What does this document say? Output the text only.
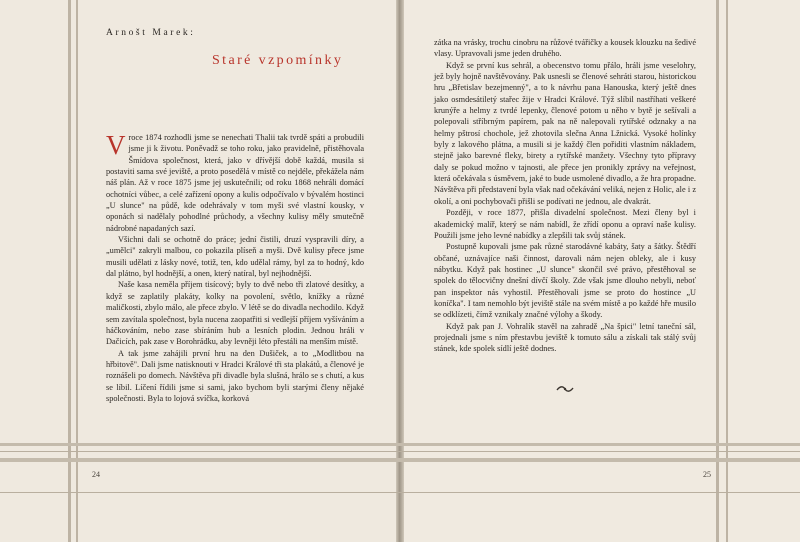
Arnošt Marek:
Staré vzpomínky

Vroce 1874 rozhodli jsme se nenechati Thalii tak tvrdě spáti a probudili jsme ji k životu. Poněvadž se toho roku, jako pravidelně, přistěhovala Šmídova společnost, která, jako v dřívější době každá, musila si postaviti sama své jeviště, a proto posedělá v místě co nejdéle, překážela nám náš plán. Až v roce 1875 jsme jej uskutečnili; od roku 1868 nehráli domácí ochotníci vůbec, a celé zařízení opony a kulis odpočívalo v bývalém hostinci „U slunce" na půdě, kde odehrávaly v tom myši své vlastní kousky, v oponách si nadělaly pohodlné průchody, a všechny kulisy měly smutečně nádrobné napadaných sazí.

Všichni dali se ochotně do práce; jední čistili, druzí vyspravili díry, a „umělci" zakryli malbou, co pokazila plíseň a myši. Dvě kulisy přece jsme musili udělati z lásky nové, totiž, ten, kdo udělal rámy, byl za to hodný, kdo dal plátno, byl hodnější, a onen, který natíral, byl nejhodnější.

Naše kasa neměla příjem tisícový; byly to dvě nebo tři zlatové desítky, a když se zaplatily plakáty, kolky na povolení, světlo, knížky a různé maličkosti, zbylo málo, ale přece zbylo. V létě se do divadla nechodilo. Když sem zavítala společnost, byla nucena zaopatřiti si vedlejší příjem vyšíváním a háčkováním, nebo zase sbíráním hub a lesních plodin. Jednou hráli v Dačicích, pak zase v Borohrádku, aby levněji léto přestáli na menším místě.

A tak jsme zahájili první hru na den Dušiček, a to „Modlitbou na hřbitově". Dali jsme natisknouti v Hradci Králové tři sta plakátů, a členové je roznášeli po domech. Návštěva při divadle byla slušná, hrálo se s chutí, a kus se líbil. Líčení řídili jsme si sami, jako bychom byli starými členy nějaké společnosti. Byla to lojová svíčka, korková

zátka na vrásky, trochu cinobru na růžové tvářičky a kousek klouzku na šedivé vlasy. Upravovali jsme jeden druhého.

Když se první kus sehrál, a obecenstvo tomu přálo, hráli jsme veselohry, jež byly hojně navštěvovány. Pak usnesli se členové sehráti starou, historickou hru „Břetislav bezejmenný", a to k návrhu pana Hanouska, který ještě dnes jako osmdesátiletý stařec žije v Hradci Králové. Týž slíbil nastříhati veškeré krunýře a helmy z tvrdé lepenky, členové potom u něho v bytě je sešívali a polepovali stříbrným papírem, pak na ně nalepovali rytířské odznaky a na helmy pštrosí chochole, jež zhotovila slečna Anna Lžnická. Vysoké holínky byly z lakového plátna, a musili si je každý člen pořiditi vlastním nákladem, stejně jako barevné fleky, birety a rytířské manžety. Všechny tyto přípravy daly se pokud možno v tajnosti, ale přece jen pronikly zprávy na veřejnost, která očekávala s úsměvem, jaké to bude usmolené divadlo, a že hra propadne. Návštěva při představení byla však nad očekávání veliká, nejen z Holic, ale i z okolí, a oni pochybovači přišli se podívati ne jednou, ale dvakrát.

Později, v roce 1877, přišla divadelní společnost. Mezi členy byl i akademický malíř, který se nám nabídl, že zřídí oponu a opraví naše kulisy. Použili jsme jeho levné nabídky a zlepšili tak svůj stánek.

Postupně kupovali jsme pak různé starodávné kabáty, šaty a šátky. Štědří občané, uznávajíce naši činnost, darovali nám nejen obleky, ale i kusy nábytku. Když pak hostinec „U slunce" skončil své právo, přestěhoval se spolek do tělocvičny dnešní dívčí školy. Zde však jsme dlouho nebyli, neboť pan inspektor nás vyhostil. Přestěhovali jsme se proto do hostince „U koníčka". I tam nemohlo být jeviště stále na svém místě a po každé hře musilo se odklízeti, čímž vznikaly značné výlohy a škody.

Když pak pan J. Vohralík stavěl na zahradě „Na špici" letní taneční sál, projednali jsme s ním přestavbu jeviště k tomuto sálu a získali tak stálý svůj stánek, kde spolek sídlí ještě dodnes.

24	25
